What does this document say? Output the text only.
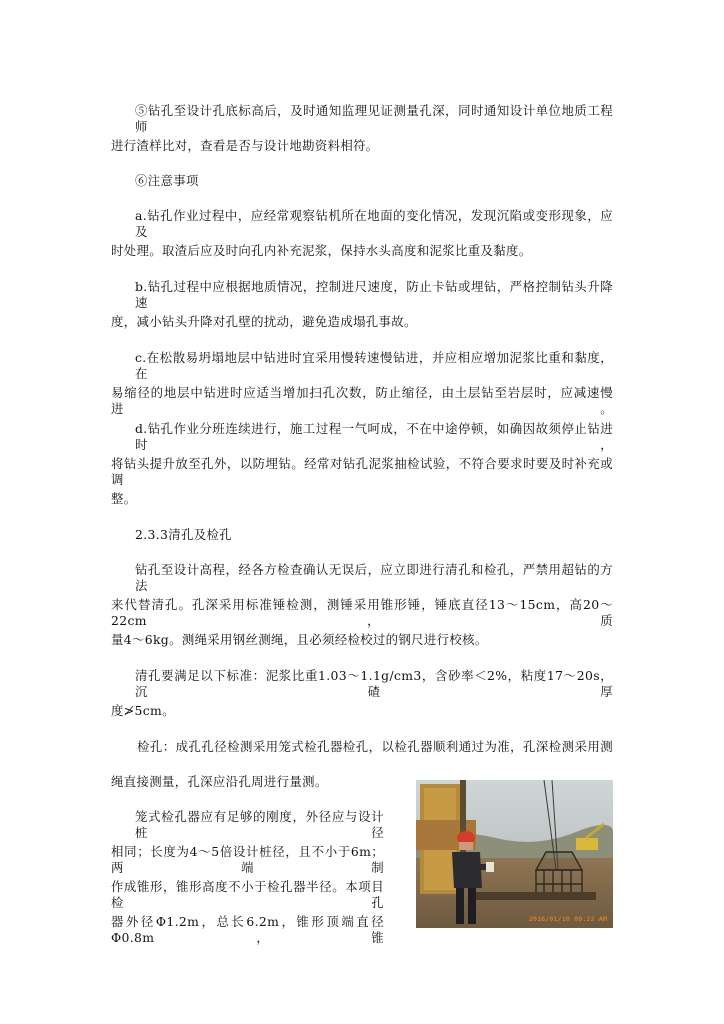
⑤钻孔至设计孔底标高后，及时通知监理见证测量孔深，同时通知设计单位地质工程师
进行渣样比对，查看是否与设计地勘资料相符。
⑥注意事项
a.钻孔作业过程中，应经常观察钻机所在地面的变化情况，发现沉陷或变形现象，应及
时处理。取渣后应及时向孔内补充泥浆，保持水头高度和泥浆比重及黏度。
b.钻孔过程中应根据地质情况，控制进尺速度，防止卡钻或埋钻，严格控制钻头升降速
度，减小钻头升降对孔壁的扰动，避免造成塌孔事故。
c.在松散易坍塌地层中钻进时宜采用慢转速慢钻进，并应相应增加泥浆比重和黏度，在
易缩径的地层中钻进时应适当增加扫孔次数，防止缩径，由土层钻至岩层时，应减速慢进。
d.钻孔作业分班连续进行，施工过程一气呵成，不在中途停顿，如确因故须停止钻进时，
将钻头提升放至孔外，以防埋钻。经常对钻孔泥浆抽检试验，不符合要求时要及时补充或调
整。
2.3.3清孔及检孔
钻孔至设计高程，经各方检查确认无误后，应立即进行清孔和检孔，严禁用超钻的方法
来代替清孔。孔深采用标准锤检测，测锤采用锥形锤，锤底直径13～15cm，高20～22cm，质
量4～6kg。测绳采用钢丝测绳，且必须经检校过的钢尺进行校核。
清孔要满足以下标准：泥浆比重1.03～1.1g/cm3，含砂率＜2%，粘度17～20s，沉碴厚
度≯5cm。
检孔：成孔孔径检测采用笼式检孔器检孔，以检孔器顺利通过为准，孔深检测采用测
绳直接测量，孔深应沿孔周进行量测。
笼式检孔器应有足够的刚度，外径应与设计桩径
相同；长度为4～5倍设计桩径，且不小于6m；两端制
作成锥形，锥形高度不小于检孔器半径。本项目检孔
器外径Φ1.2m，总长6.2m，锥形顶端直径Φ0.8m，锥
2016/01/10 09:22 AM
